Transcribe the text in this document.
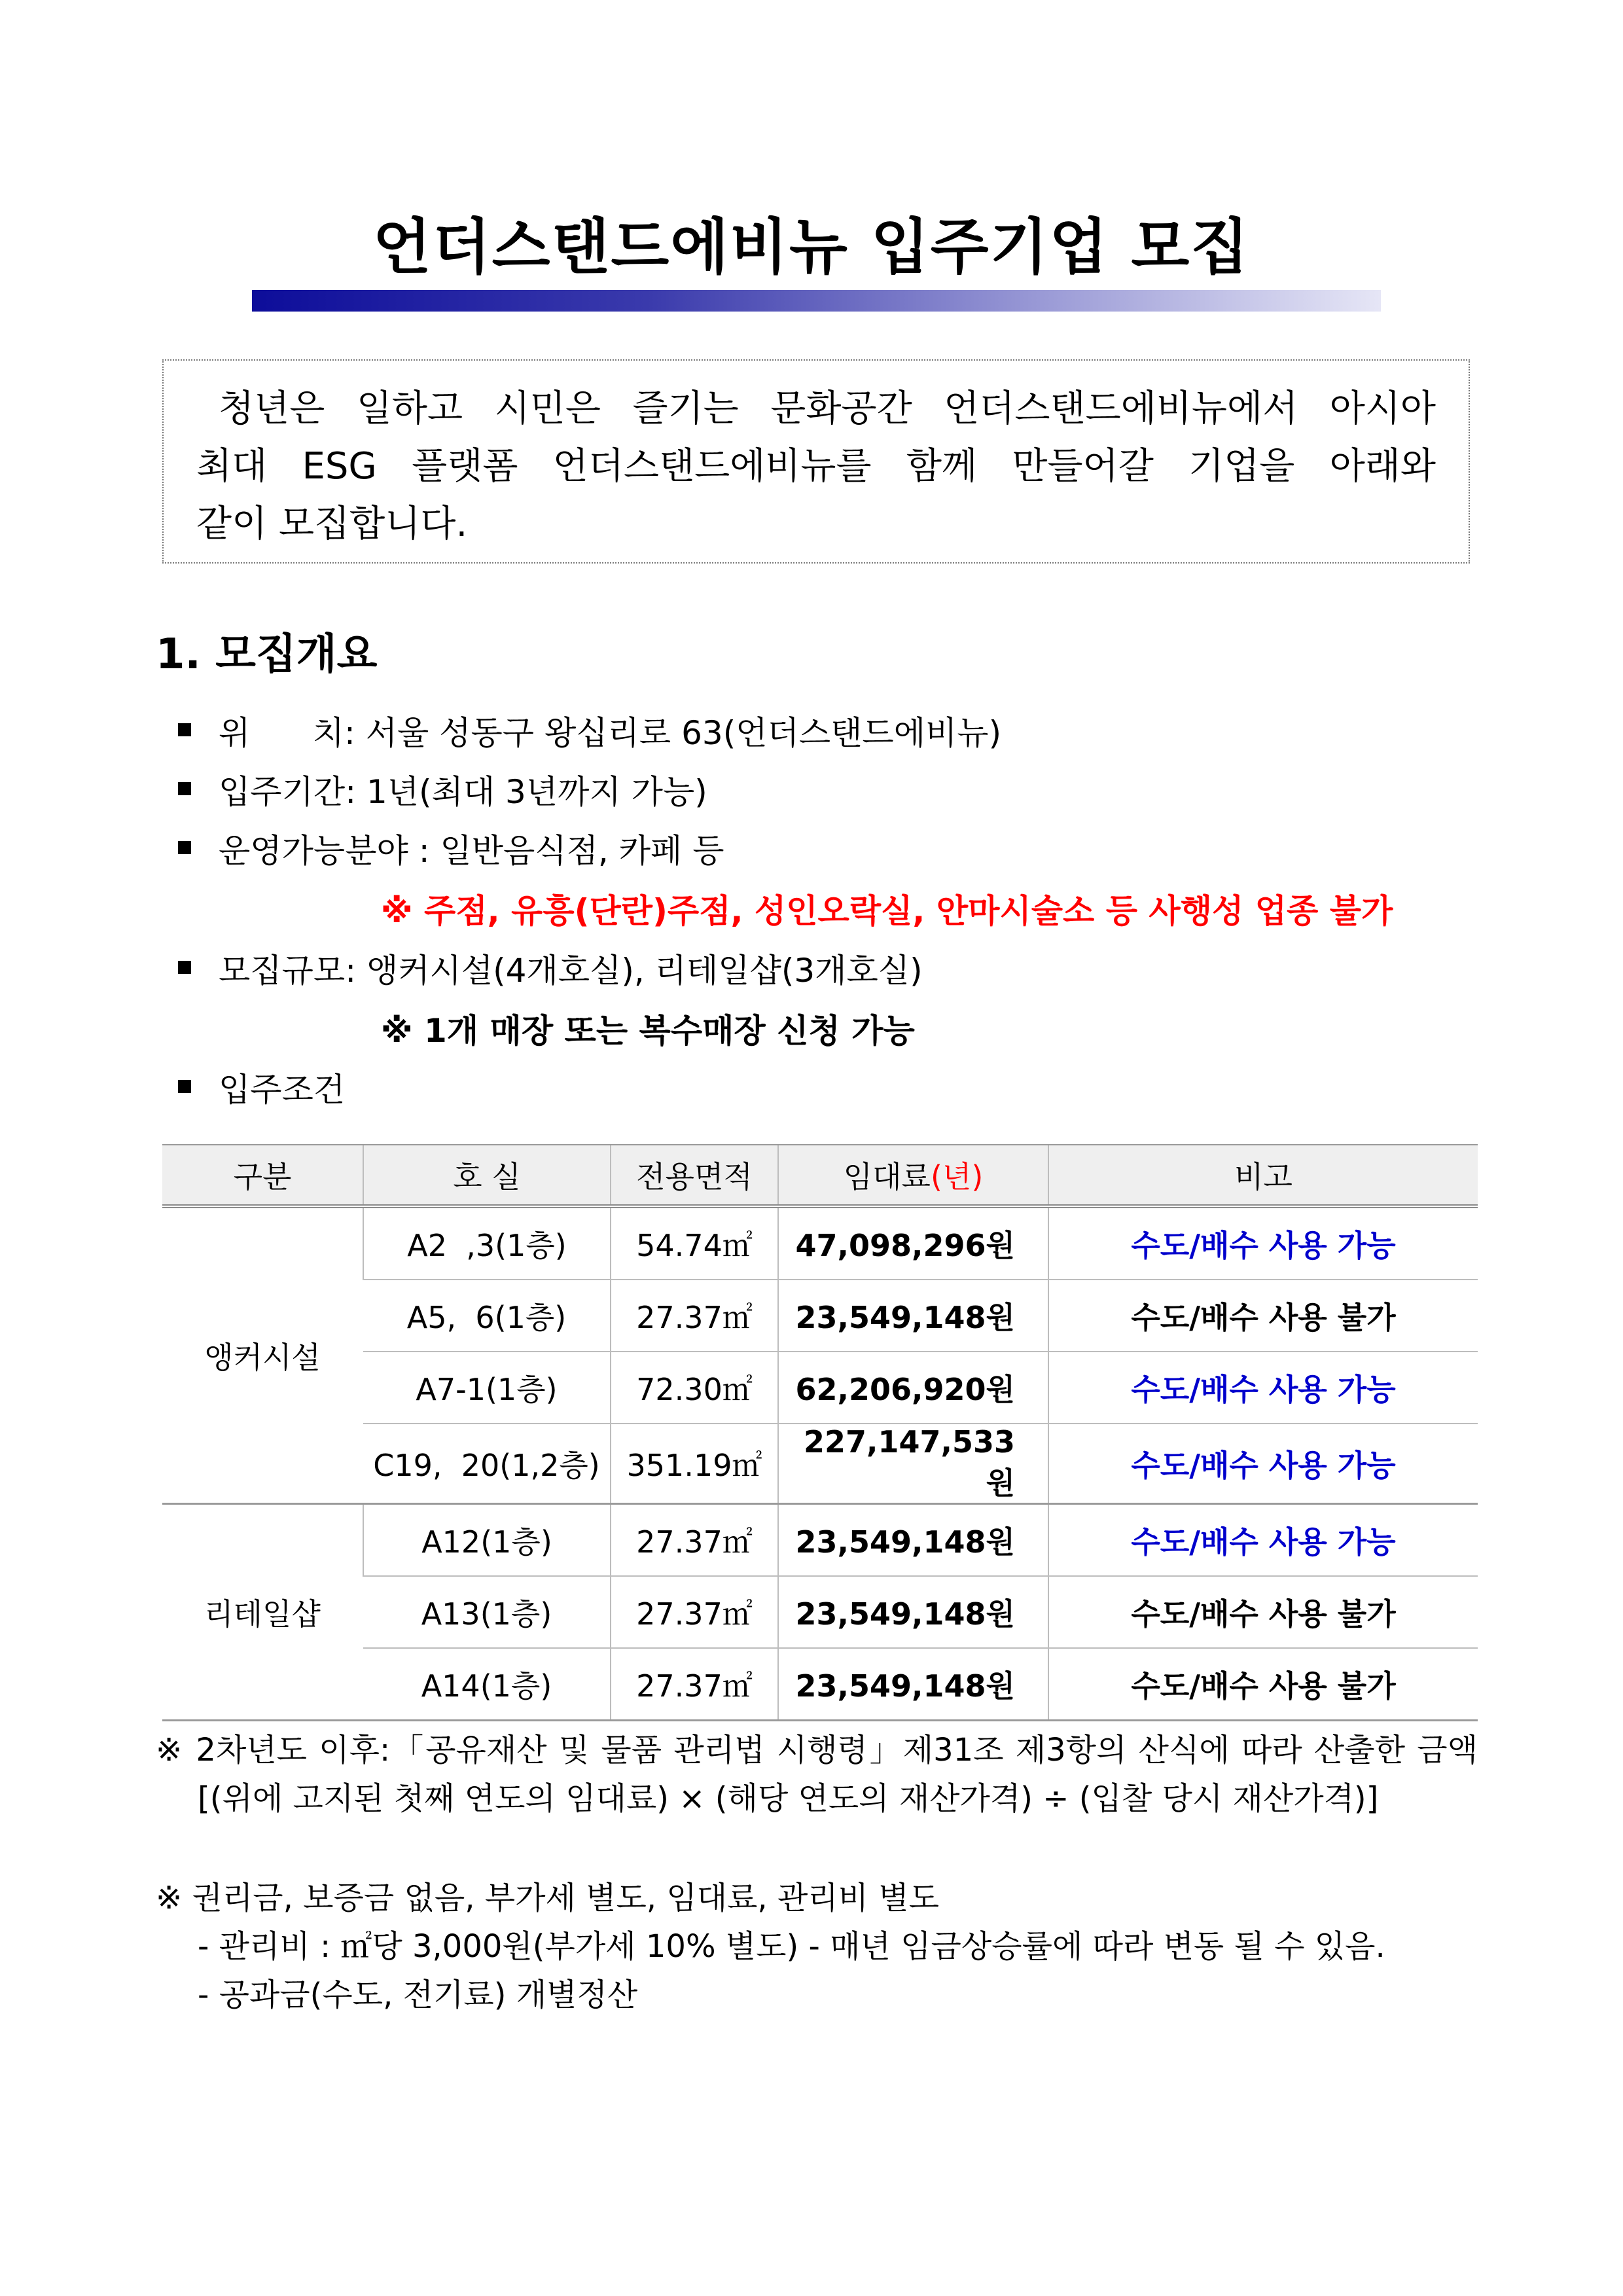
언더스탠드에비뉴 입주기업 모집
청년은 일하고 시민은 즐기는 문화공간 언더스탠드에비뉴에서 아시아
최대 ESG 플랫폼 언더스탠드에비뉴를 함께 만들어갈 기업을 아래와
같이 모집합니다.
1. 모집개요
위      치: 서울 성동구 왕십리로 63(언더스탠드에비뉴)
입주기간: 1년(최대 3년까지 가능)
운영가능분야 : 일반음식점, 카페 등
※ 주점, 유흥(단란)주점, 성인오락실, 안마시술소 등 사행성 업종 불가
모집규모: 앵커시설(4개호실), 리테일샵(3개호실)
※ 1개 매장 또는 복수매장 신청 가능
입주조건
구분	호 실	전용면적	임대료(년)	비고
앵커시설	A2  ,3(1층)	54.74㎡	47,098,296원	수도/배수 사용 가능
	A5,  6(1층)	27.37㎡	23,549,148원	수도/배수 사용 불가
	A7-1(1층)	72.30㎡	62,206,920원	수도/배수 사용 가능
	C19,  20(1,2층)	351.19㎡	227,147,533원	수도/배수 사용 가능
리테일샵	A12(1층)	27.37㎡	23,549,148원	수도/배수 사용 가능
	A13(1층)	27.37㎡	23,549,148원	수도/배수 사용 불가
	A14(1층)	27.37㎡	23,549,148원	수도/배수 사용 불가
※ 2차년도 이후:「공유재산 및 물품 관리법 시행령」제31조 제3항의 산식에 따라 산출한 금액
[(위에 고지된 첫째 연도의 임대료) × (해당 연도의 재산가격) ÷ (입찰 당시 재산가격)]
※ 권리금, 보증금 없음, 부가세 별도, 임대료, 관리비 별도
- 관리비 : ㎡당 3,000원(부가세 10% 별도) - 매년 임금상승률에 따라 변동 될 수 있음.
- 공과금(수도, 전기료) 개별정산
